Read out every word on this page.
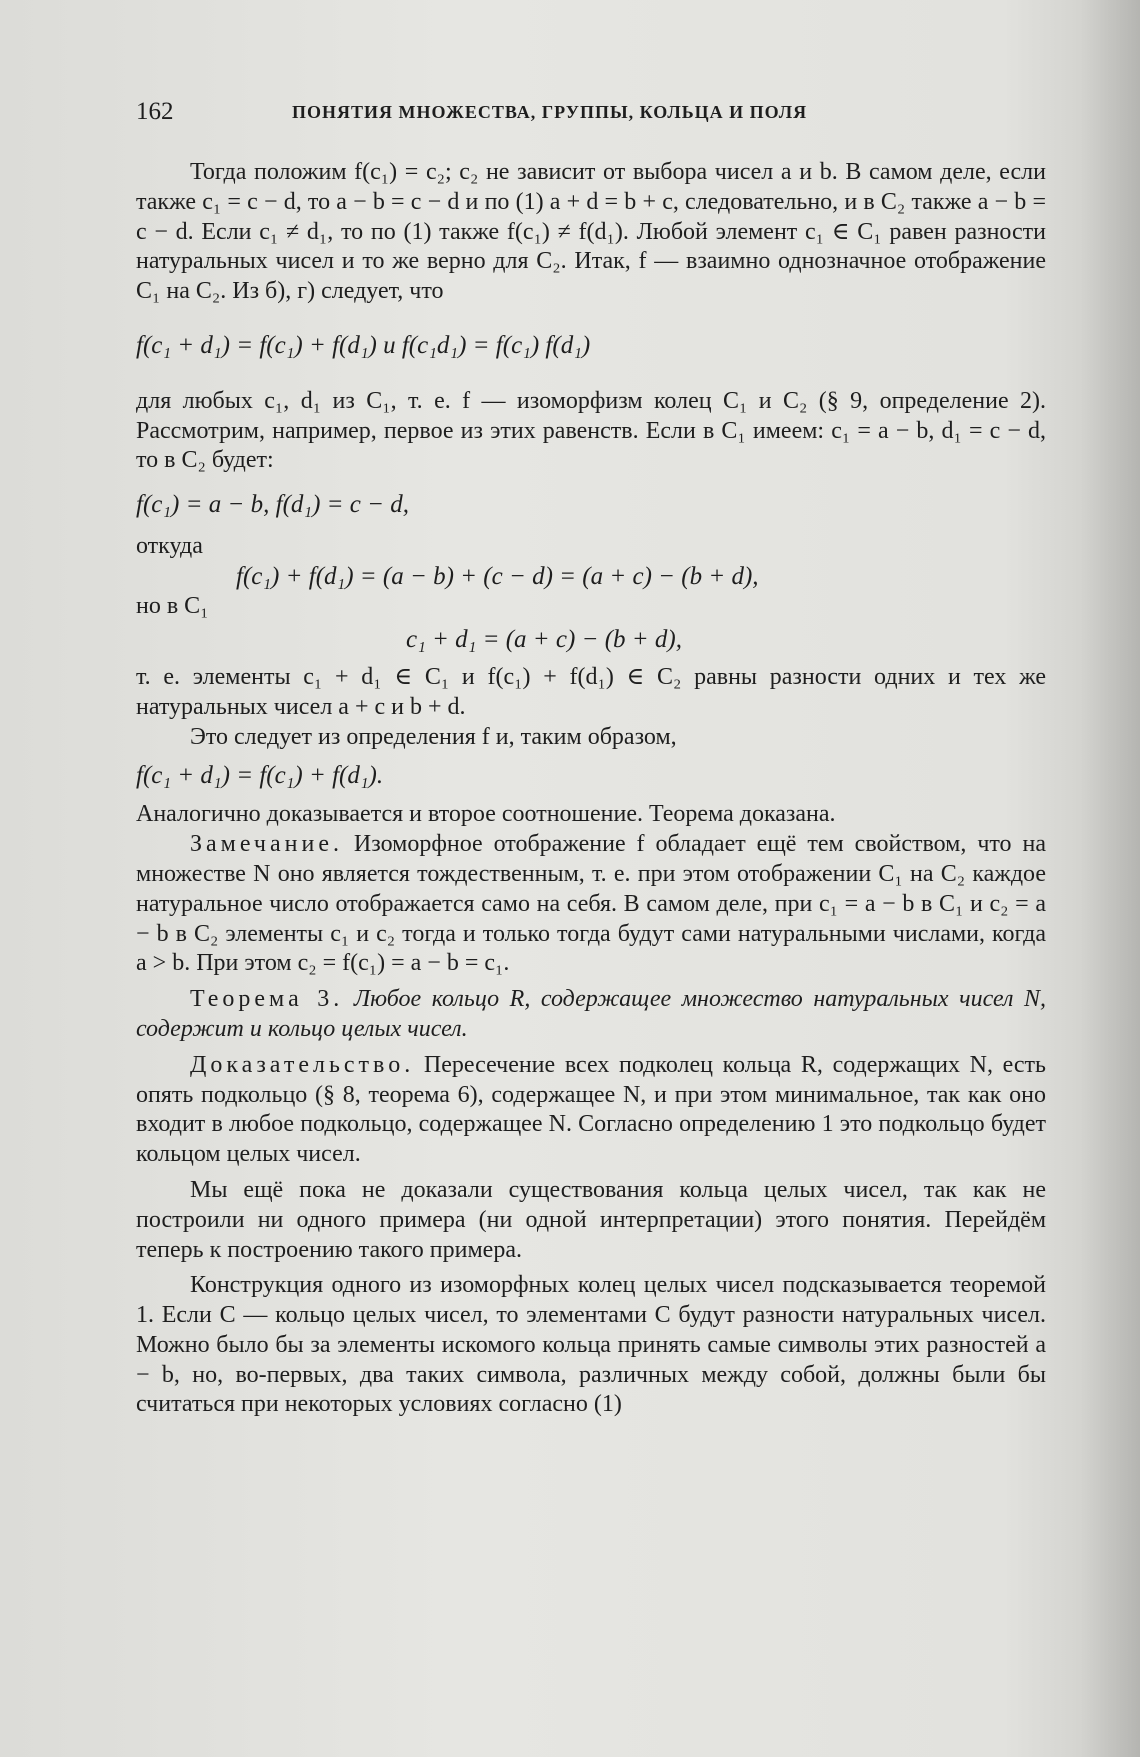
162	ПОНЯТИЯ МНОЖЕСТВА, ГРУППЫ, КОЛЬЦА И ПОЛЯ

Тогда положим f(c₁) = c₂; c₂ не зависит от выбора чисел a и b. В самом деле, если также c₁ = c − d, то a − b = c − d и по (1) a + d = b + c, следовательно, и в C₂ также a − b = c − d. Если c₁ ≠ d₁, то по (1) также f(c₁) ≠ f(d₁). Любой элемент c₁ ∈ C₁ равен разности натуральных чисел и то же верно для C₂. Итак, f — взаимно однозначное отображение C₁ на C₂. Из б), г) следует, что

f(c₁ + d₁) = f(c₁) + f(d₁) и f(c₁d₁) = f(c₁) f(d₁)

для любых c₁, d₁ из C₁, т. е. f — изоморфизм колец C₁ и C₂ (§ 9, определение 2). Рассмотрим, например, первое из этих равенств. Если в C₁ имеем: c₁ = a − b, d₁ = c − d, то в C₂ будет:

f(c₁) = a − b, f(d₁) = c − d,

откуда

f(c₁) + f(d₁) = (a − b) + (c − d) = (a + c) − (b + d),

но в C₁

c₁ + d₁ = (a + c) − (b + d),

т. е. элементы c₁ + d₁ ∈ C₁ и f(c₁) + f(d₁) ∈ C₂ равны разности одних и тех же натуральных чисел a + c и b + d.

Это следует из определения f и, таким образом,

f(c₁ + d₁) = f(c₁) + f(d₁).

Аналогично доказывается и второе соотношение. Теорема доказана.

Замечание. Изоморфное отображение f обладает ещё тем свойством, что на множестве N оно является тождественным, т. е. при этом отображении C₁ на C₂ каждое натуральное число отображается само на себя. В самом деле, при c₁ = a − b в C₁ и c₂ = a − b в C₂ элементы c₁ и c₂ тогда и только тогда будут сами натуральными числами, когда a > b. При этом c₂ = f(c₁) = a − b = c₁.

Теорема 3. Любое кольцо R, содержащее множество натуральных чисел N, содержит и кольцо целых чисел.

Доказательство. Пересечение всех подколец кольца R, содержащих N, есть опять подкольцо (§ 8, теорема 6), содержащее N, и при этом минимальное, так как оно входит в любое подкольцо, содержащее N. Согласно определению 1 это подкольцо будет кольцом целых чисел.

Мы ещё пока не доказали существования кольца целых чисел, так как не построили ни одного примера (ни одной интерпретации) этого понятия. Перейдём теперь к построению такого примера.

Конструкция одного из изоморфных колец целых чисел подсказывается теоремой 1. Если C — кольцо целых чисел, то элементами C будут разности натуральных чисел. Можно было бы за элементы искомого кольца принять самые символы этих разностей a − b, но, во-первых, два таких символа, различных между собой, должны были бы считаться при некоторых условиях согласно (1)
